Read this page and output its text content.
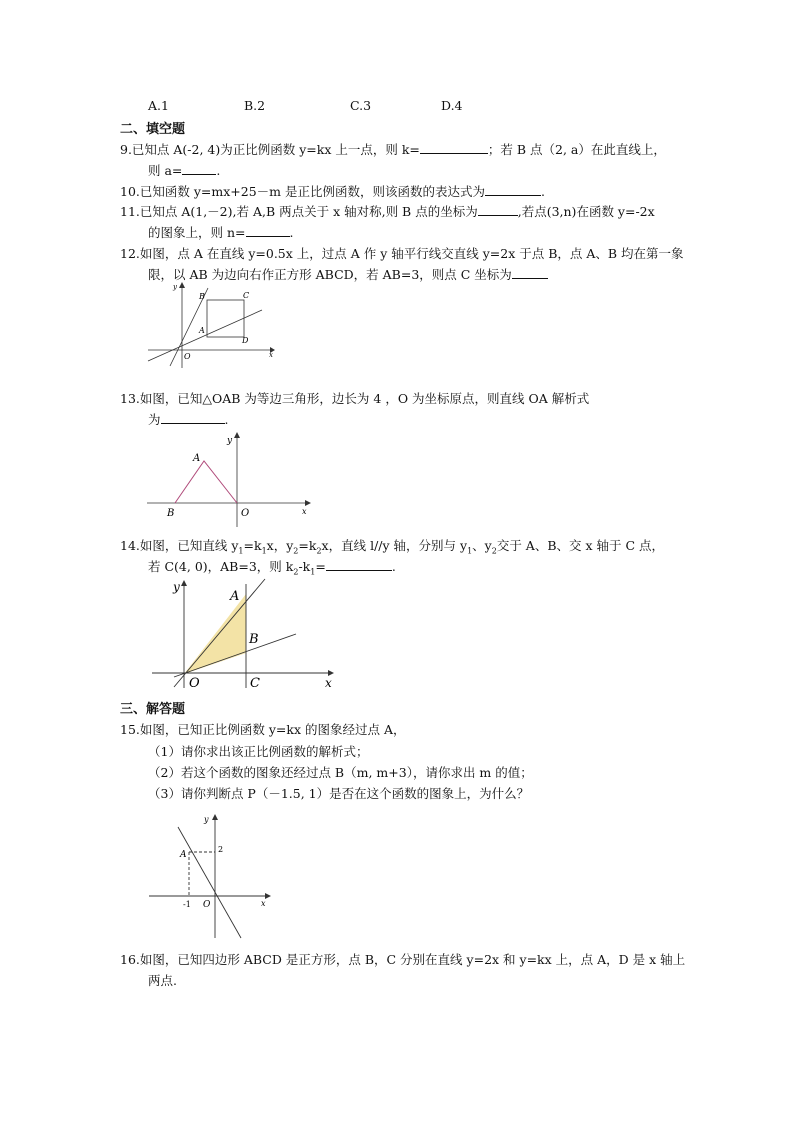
A.1	B.2	C.3	D.4
二、填空题
9.已知点 A(-2, 4)为正比例函数 y=kx 上一点，则 k=	；若 B 点（2, a）在此直线上，
则 a=	.
10.已知函数 y=mx+25－m 是正比例函数，则该函数的表达式为	.
11.已知点 A(1,－2),若 A,B 两点关于 x 轴对称,则 B 点的坐标为	,若点(3,n)在函数 y=-2x
的图象上，则 n=	.
12.如图，点 A 在直线 y=0.5x 上，过点 A 作 y 轴平行线交直线 y=2x 于点 B，点 A、B 均在第一象
限，以 AB 为边向右作正方形 ABCD，若 AB=3，则点 C 坐标为
A
B	C
D
O	x
y
13.如图，已知△OAB 为等边三角形，边长为 4 ，O 为坐标原点，则直线 OA 解析式
为	.
A
B	O	x
y
14.如图，已知直线 $y_1=k_1x$，$y_2=k_2x$，直线 l//y 轴，分别与 $y_1$、$y_2$交于 A、B、交 x 轴于 C 点，
若 C(4, 0)，AB=3，则 $k_2-k_1=$	.
A
B
C
O	x
y
三、解答题
15.如图，已知正比例函数 y=kx 的图象经过点 A，
（1）请你求出该正比例函数的解析式；
（2）若这个函数的图象还经过点 B（m, m+3），请你求出 m 的值；
（3）请你判断点 P（－1.5, 1）是否在这个函数的图象上，为什么？
A
O	x
y
2
-1
16.如图，已知四边形 ABCD 是正方形，点 B，C 分别在直线 y=2x 和 y=kx 上，点 A，D 是 x 轴上
两点.
